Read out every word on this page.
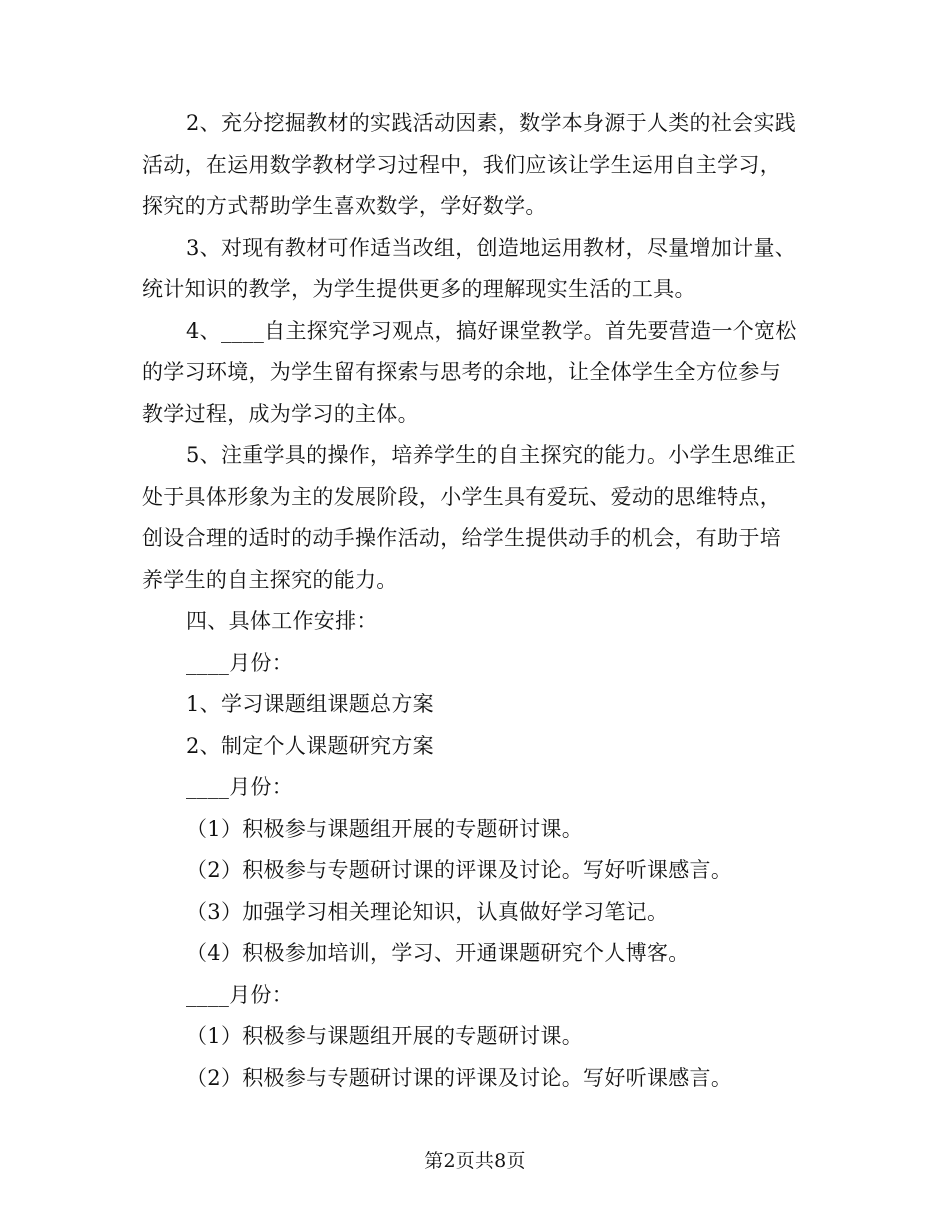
2、充分挖掘教材的实践活动因素，数学本身源于人类的社会实践
活动，在运用数学教材学习过程中，我们应该让学生运用自主学习，
探究的方式帮助学生喜欢数学，学好数学。

3、对现有教材可作适当改组，创造地运用教材，尽量增加计量、
统计知识的教学，为学生提供更多的理解现实生活的工具。

4、____自主探究学习观点，搞好课堂教学。首先要营造一个宽松
的学习环境，为学生留有探索与思考的余地，让全体学生全方位参与
教学过程，成为学习的主体。

5、注重学具的操作，培养学生的自主探究的能力。小学生思维正
处于具体形象为主的发展阶段，小学生具有爱玩、爱动的思维特点，
创设合理的适时的动手操作活动，给学生提供动手的机会，有助于培
养学生的自主探究的能力。

四、具体工作安排：

____月份：

1、学习课题组课题总方案

2、制定个人课题研究方案

____月份：

（1）积极参与课题组开展的专题研讨课。

（2）积极参与专题研讨课的评课及讨论。写好听课感言。

（3）加强学习相关理论知识，认真做好学习笔记。

（4）积极参加培训，学习、开通课题研究个人博客。

____月份：

（1）积极参与课题组开展的专题研讨课。

（2）积极参与专题研讨课的评课及讨论。写好听课感言。

第2页共8页
